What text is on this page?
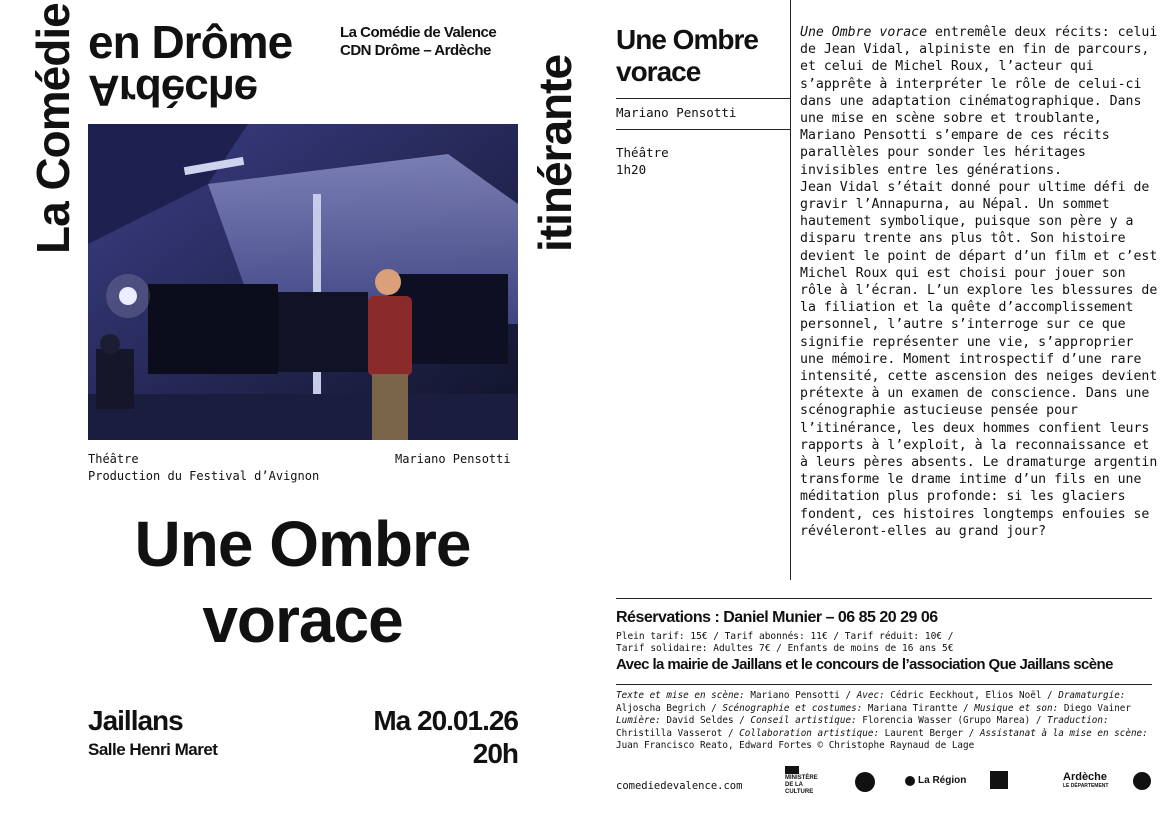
La Comédie en Drôme
Ardèche
La Comédie de Valence
CDN Drôme – Ardèche
itinérante
Théâtre
Production du Festival d’Avignon
Mariano Pensotti
Une Ombre
vorace
Jaillans
Salle Henri Maret
Ma 20.01.26
20h
Une Ombre
vorace
Mariano Pensotti
Théâtre
1h20

Une Ombre vorace entremêle deux récits: celui de Jean Vidal, alpiniste en fin de parcours, et celui de Michel Roux, l’acteur qui s’apprête à interpréter le rôle de celui-ci dans une adaptation cinématographique. Dans une mise en scène sobre et troublante, Mariano Pensotti s’empare de ces récits parallèles pour sonder les héritages invisibles entre les générations.

Jean Vidal s’était donné pour ultime défi de gravir l’Annapurna, au Népal. Un sommet hautement symbolique, puisque son père y a disparu trente ans plus tôt. Son histoire devient le point de départ d’un film et c’est Michel Roux qui est choisi pour jouer son rôle à l’écran. L’un explore les blessures de la filiation et la quête d’accomplissement personnel, l’autre s’interroge sur ce que signifie représenter une vie, s’approprier une mémoire. Moment introspectif d’une rare intensité, cette ascension des neiges devient prétexte à un examen de conscience. Dans une scénographie astucieuse pensée pour l’itinérance, les deux hommes confient leurs rapports à l’exploit, à la reconnaissance et à leurs pères absents. Le dramaturge argentin transforme le drame intime d’un fils en une méditation plus profonde: si les glaciers fondent, ces histoires longtemps enfouies se révéleront-elles au grand jour?

Réservations : Daniel Munier – 06 85 20 29 06
Plein tarif: 15€ / Tarif abonnés: 11€ / Tarif réduit: 10€ /
Tarif solidaire: Adultes 7€ / Enfants de moins de 16 ans 5€
Avec la mairie de Jaillans et le concours de l’association Que Jaillans scène
Texte et mise en scène: Mariano Pensotti / Avec: Cédric Eeckhout, Elios Noël / Dramaturgie: Aljoscha Begrich / Scénographie et costumes: Mariana Tirantte / Musique et son: Diego Vainer Lumière: David Seldes / Conseil artistique: Florencia Wasser (Grupo Marea) / Traduction: Christilla Vasserot / Collaboration artistique: Laurent Berger / Assistanat à la mise en scène: Juan Francisco Reato, Edward Fortes © Christophe Raynaud de Lage
comediedevalence.com
MINISTÈRE DE LA CULTURE
La Région	Ardèche
LE DÉPARTEMENT
